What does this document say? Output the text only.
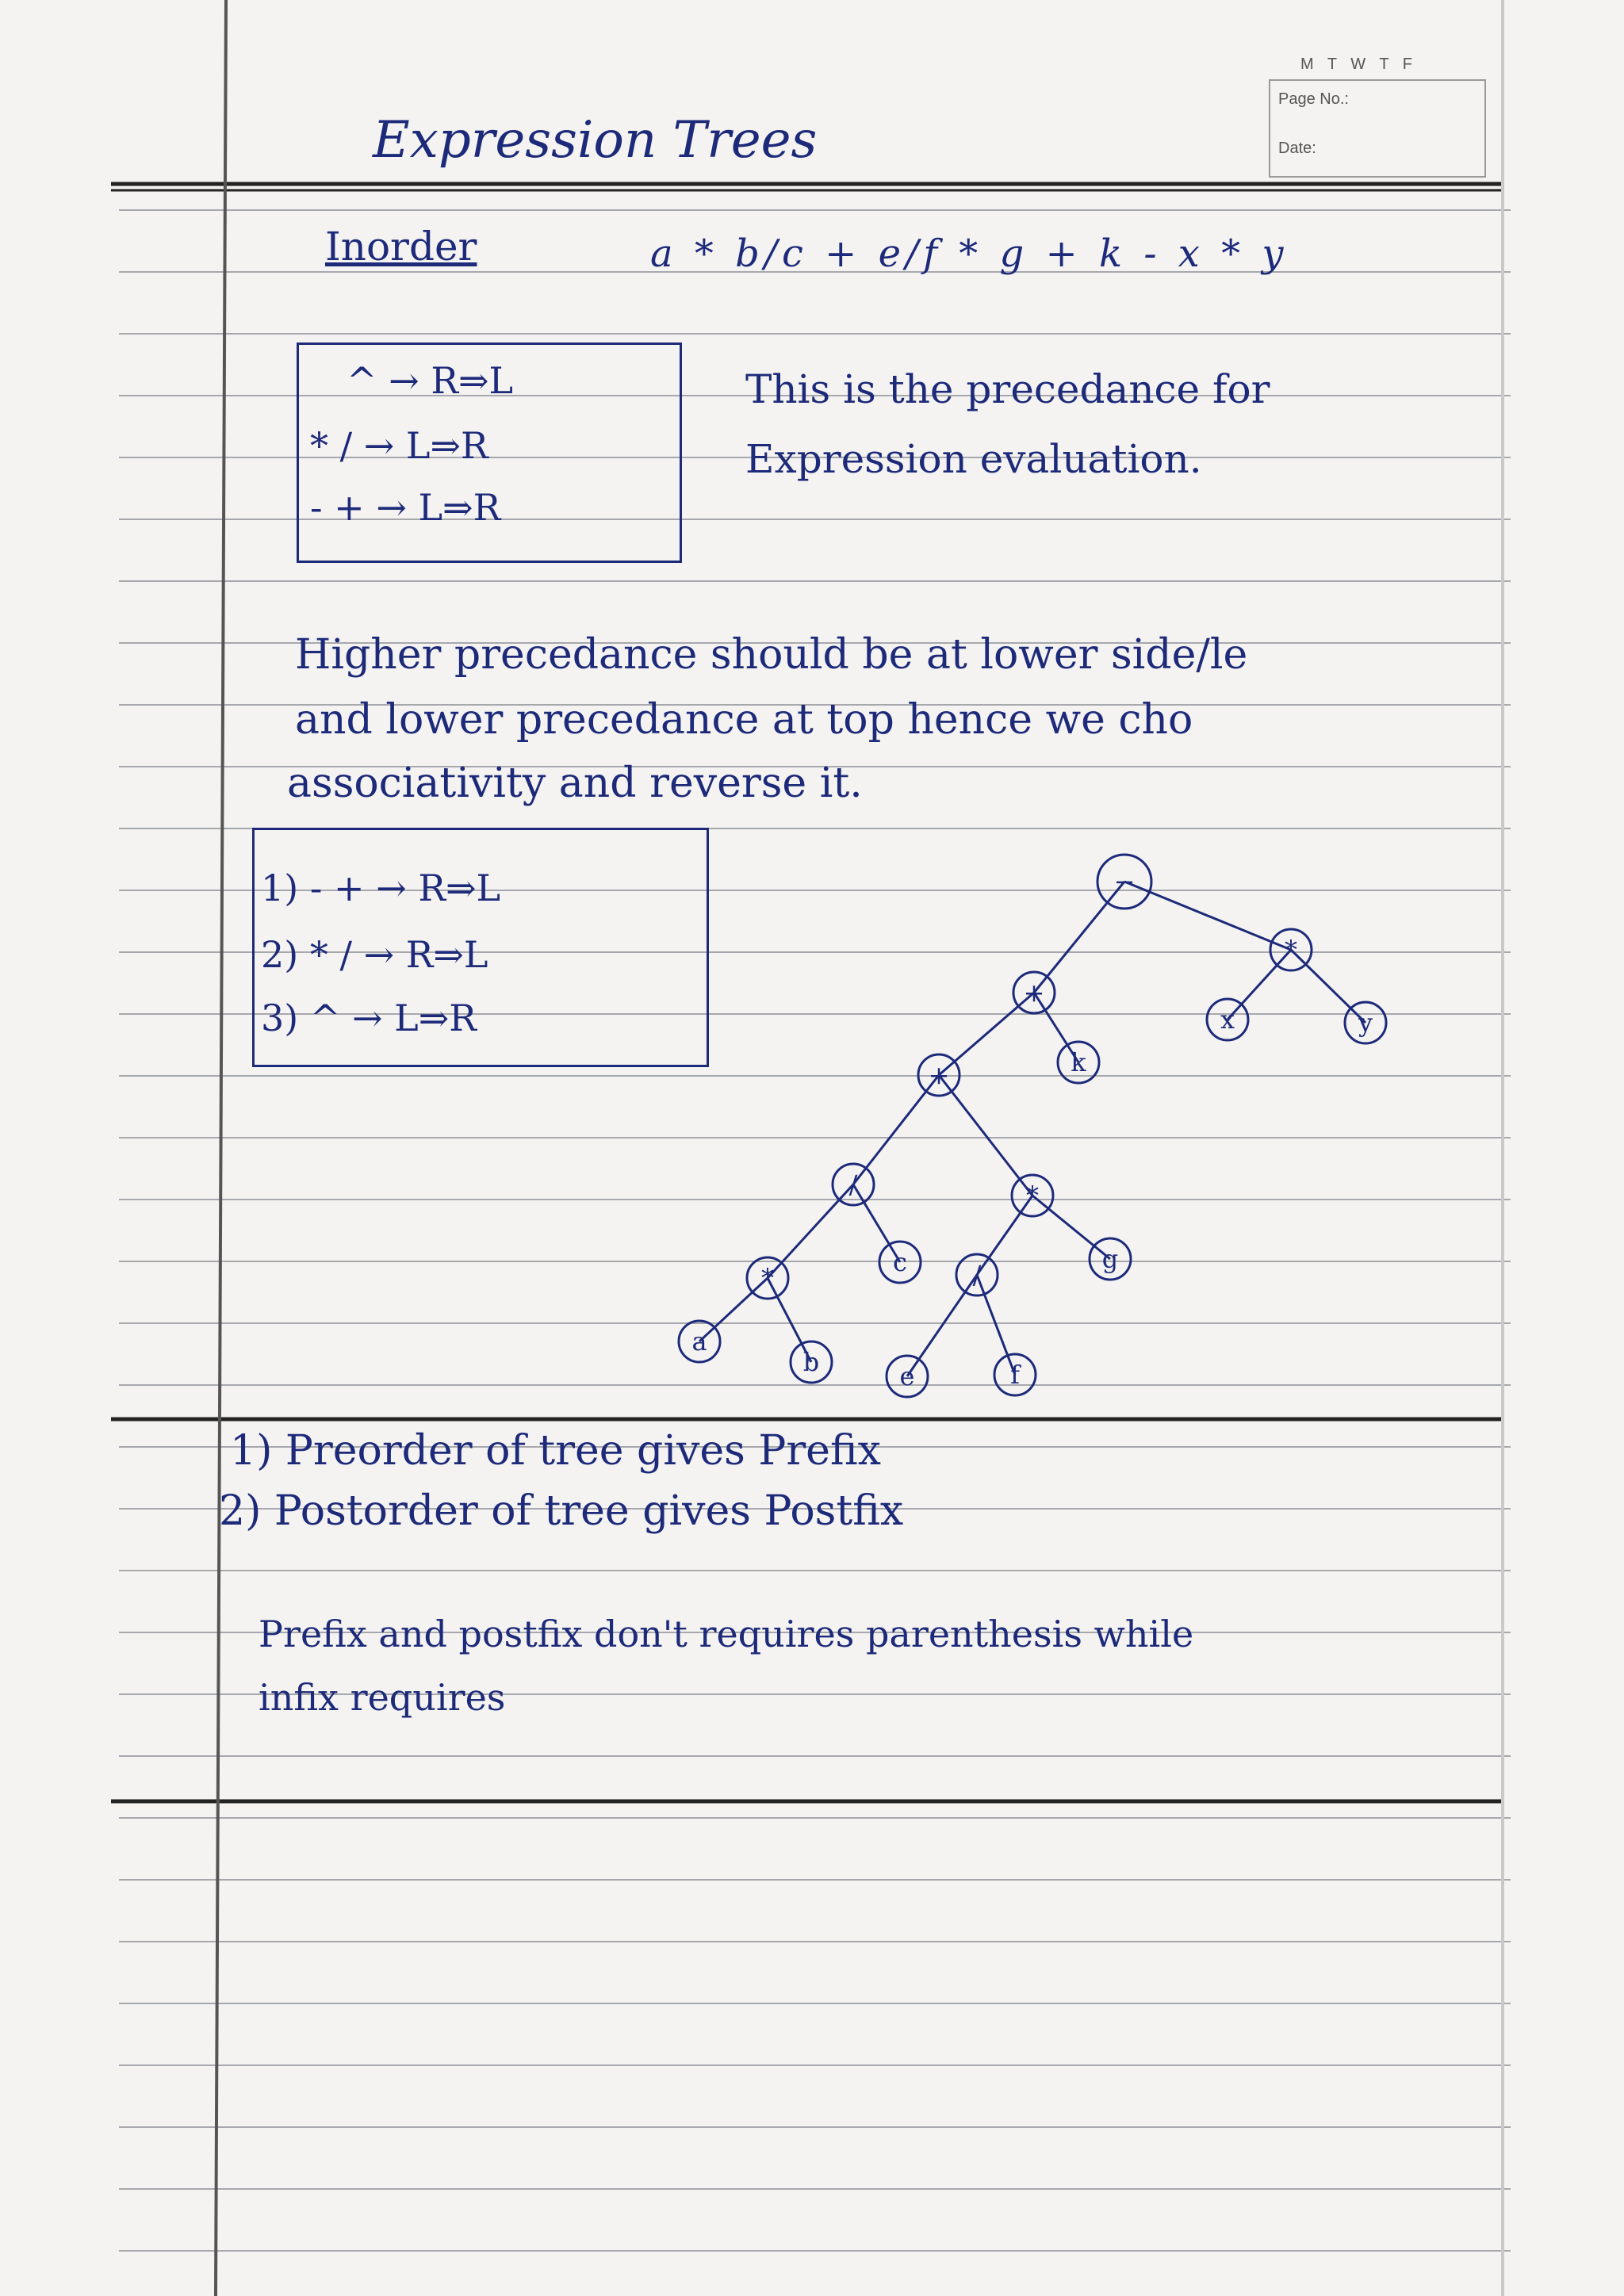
−
+
*
x	y
+	k
/	*
*
c	/
g
a
b	e	f
M T W T F
Page No.:
Date:
Expression Trees
Inorder	a * b/c + e/f * g + k - x * y
^ → R⇒L
* / → L⇒R
- + → L⇒R
This is the precedance for
Expression evaluation.
Higher precedance should be at lower side/le
and lower precedance at top hence we cho
associativity and reverse it.
1) - + → R⇒L
2) * / → R⇒L
3) ^ → L⇒R
1) Preorder of tree gives Prefix
2) Postorder of tree gives Postfix
Prefix and postfix don't requires parenthesis while
infix requires
